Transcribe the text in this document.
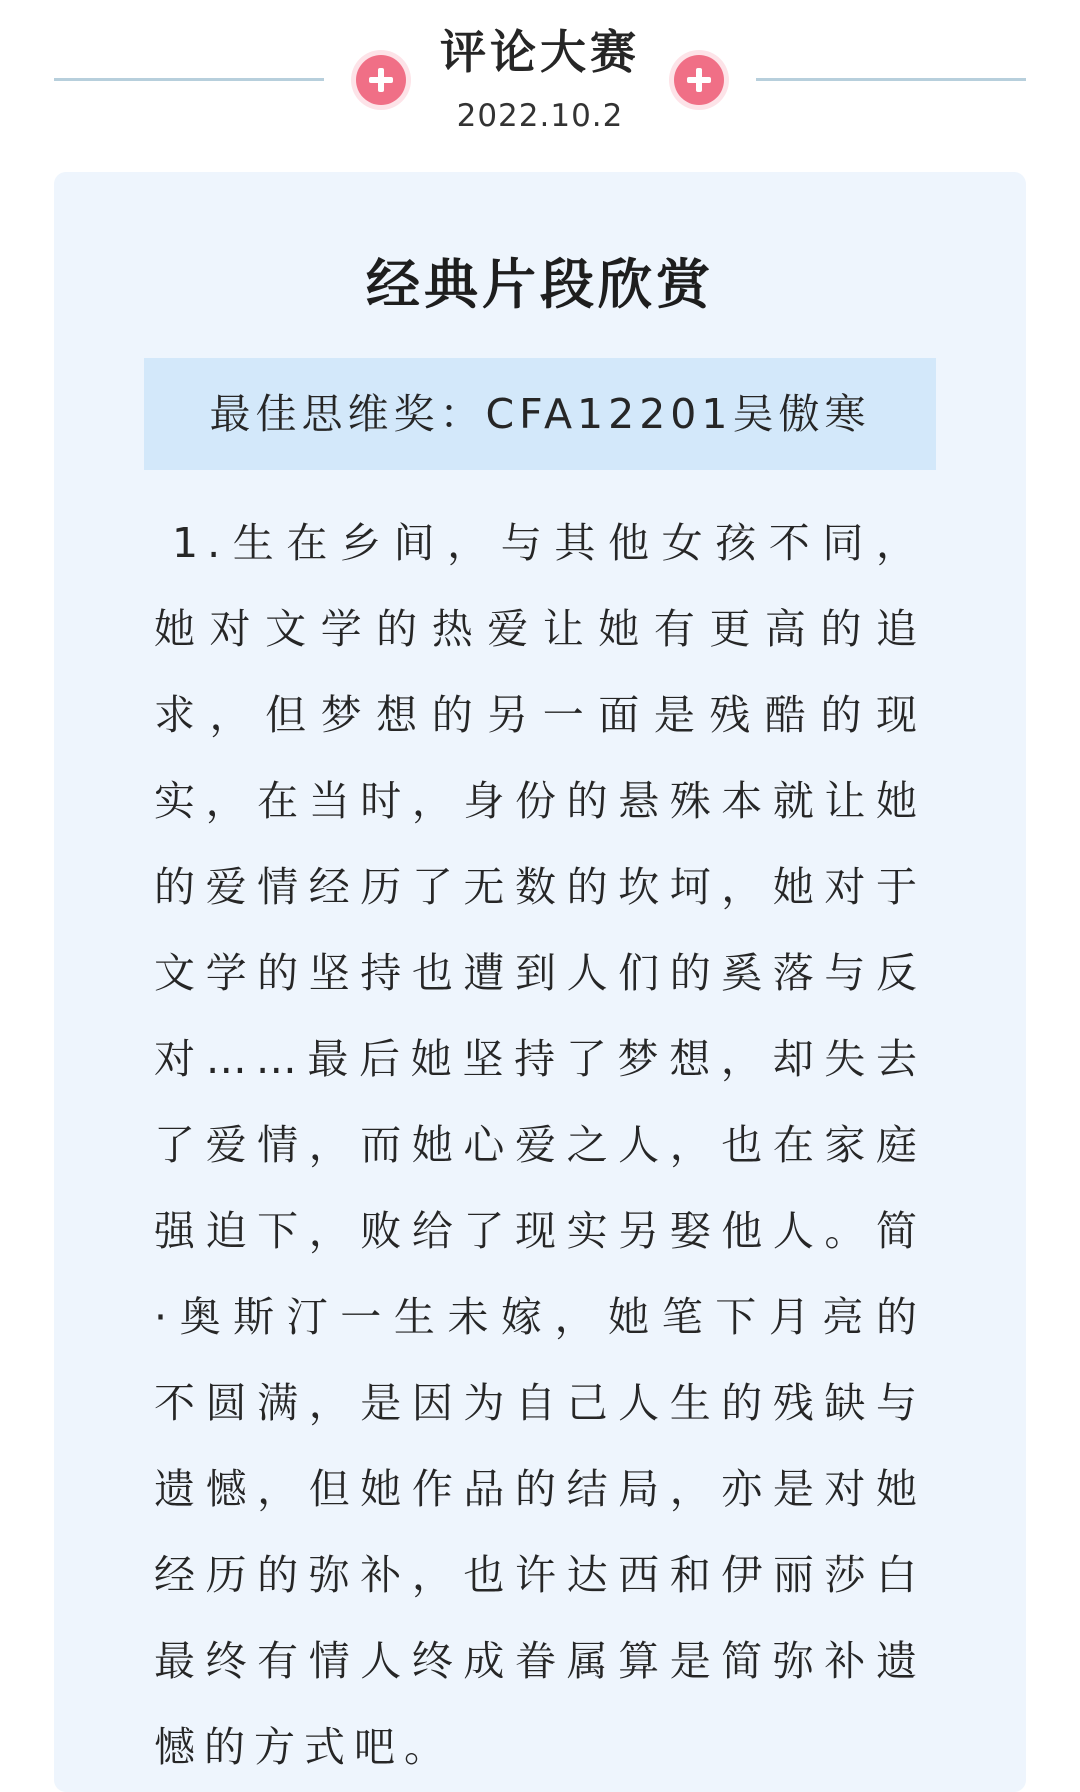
评论大赛
2022.10.2
经典片段欣赏
最佳思维奖：CFA12201吴傲寒
1.生在乡间，与其他女孩不同，她对文学的热爱让她有更高的追求，但梦想的另一面是残酷的现实，在当时，身份的悬殊本就让她的爱情经历了无数的坎坷，她对于文学的坚持也遭到人们的奚落与反对……最后她坚持了梦想，却失去了爱情，而她心爱之人，也在家庭强迫下，败给了现实另娶他人。简·奥斯汀一生未嫁，她笔下月亮的不圆满，是因为自己人生的残缺与遗憾，但她作品的结局，亦是对她经历的弥补，也许达西和伊丽莎白最终有情人终成眷属算是简弥补遗憾的方式吧。
